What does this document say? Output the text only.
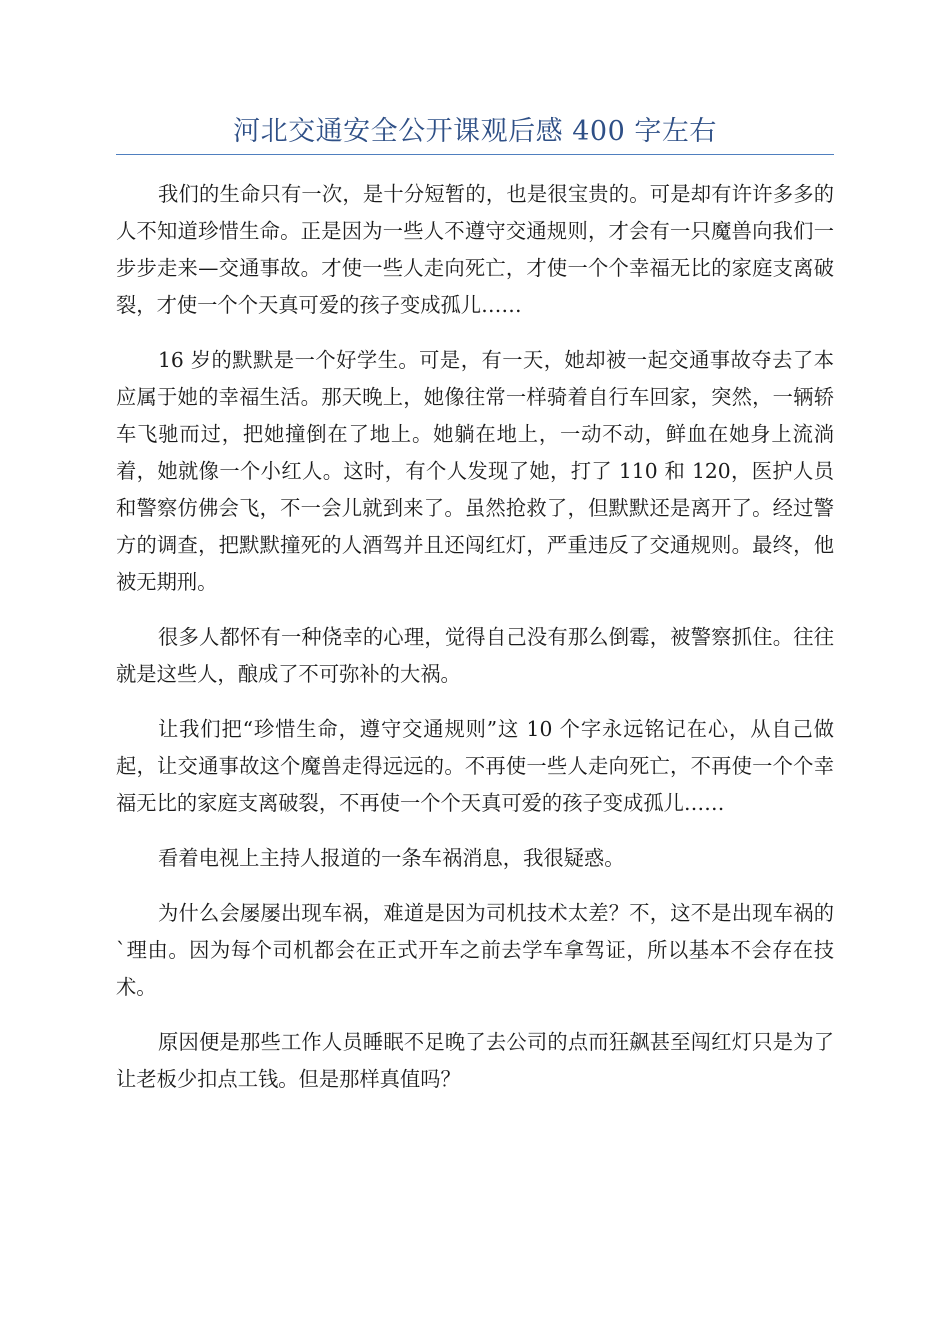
河北交通安全公开课观后感 400 字左右

我们的生命只有一次，是十分短暂的，也是很宝贵的。可是却有许许多多的人不知道珍惜生命。正是因为一些人不遵守交通规则，才会有一只魔兽向我们一步步走来—交通事故。才使一些人走向死亡，才使一个个幸福无比的家庭支离破裂，才使一个个天真可爱的孩子变成孤儿……

16 岁的默默是一个好学生。可是，有一天，她却被一起交通事故夺去了本应属于她的幸福生活。那天晚上，她像往常一样骑着自行车回家，突然，一辆轿车飞驰而过，把她撞倒在了地上。她躺在地上，一动不动，鲜血在她身上流淌着，她就像一个小红人。这时，有个人发现了她，打了 110 和 120，医护人员和警察仿佛会飞，不一会儿就到来了。虽然抢救了，但默默还是离开了。经过警方的调查，把默默撞死的人酒驾并且还闯红灯，严重违反了交通规则。最终，他被无期刑。

很多人都怀有一种侥幸的心理，觉得自己没有那么倒霉，被警察抓住。往往就是这些人，酿成了不可弥补的大祸。

让我们把“珍惜生命，遵守交通规则”这 10 个字永远铭记在心，从自己做起，让交通事故这个魔兽走得远远的。不再使一些人走向死亡，不再使一个个幸福无比的家庭支离破裂，不再使一个个天真可爱的孩子变成孤儿……

看着电视上主持人报道的一条车祸消息，我很疑惑。

为什么会屡屡出现车祸，难道是因为司机技术太差？不，这不是出现车祸的`理由。因为每个司机都会在正式开车之前去学车拿驾证，所以基本不会存在技术。

原因便是那些工作人员睡眠不足晚了去公司的点而狂飙甚至闯红灯只是为了让老板少扣点工钱。但是那样真值吗？
